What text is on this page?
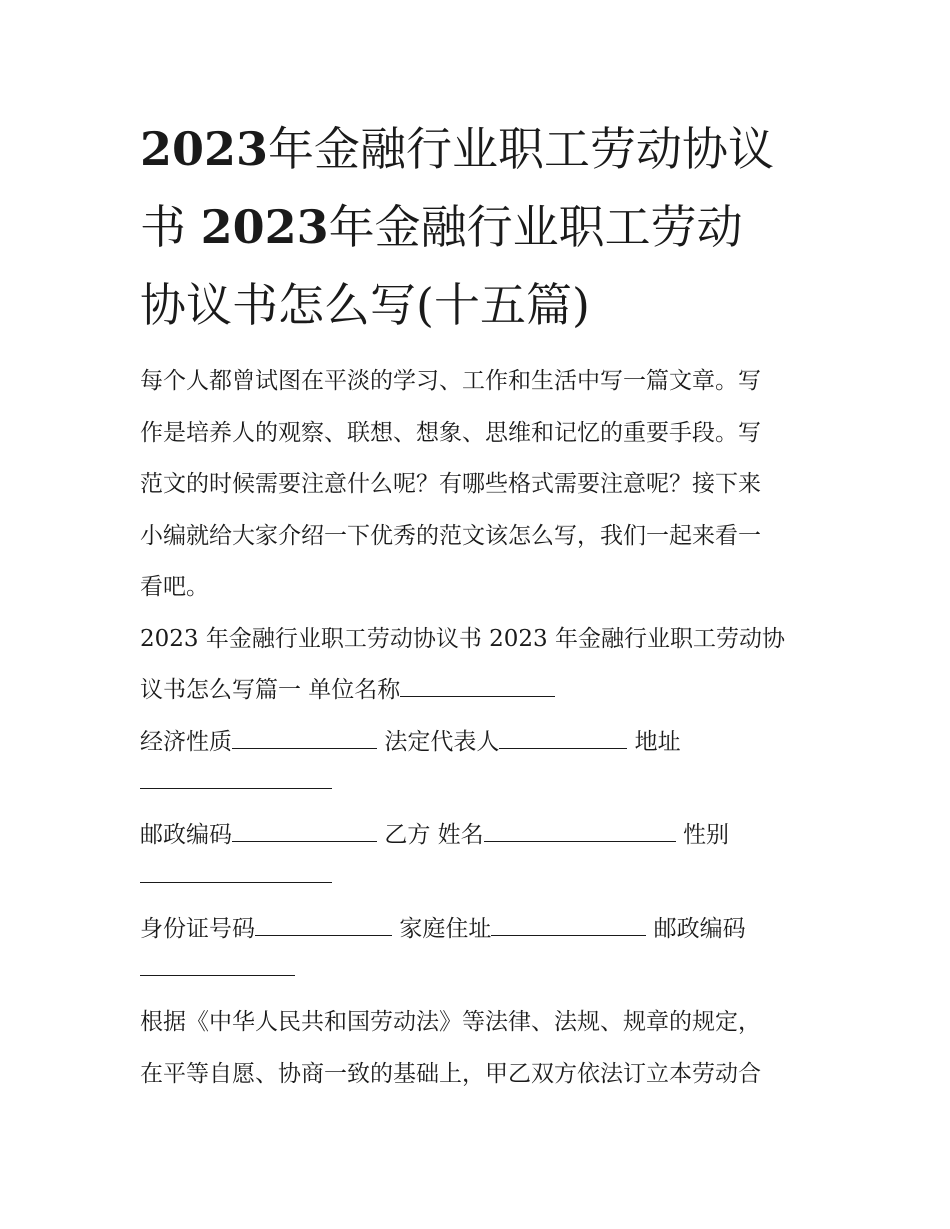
2023年金融行业职工劳动协议
书 2023年金融行业职工劳动
协议书怎么写(十五篇)

每个人都曾试图在平淡的学习、工作和生活中写一篇文章。写

作是培养人的观察、联想、想象、思维和记忆的重要手段。写

范文的时候需要注意什么呢？有哪些格式需要注意呢？接下来

小编就给大家介绍一下优秀的范文该怎么写，我们一起来看一

看吧。

2023 年金融行业职工劳动协议书 2023 年金融行业职工劳动协

议书怎么写篇一 单位名称

经济性质	法定代表人	地址

邮政编码	乙方 姓名	性别

身份证号码	家庭住址	邮政编码

根据《中华人民共和国劳动法》等法律、法规、规章的规定，

在平等自愿、协商一致的基础上，甲乙双方依法订立本劳动合
